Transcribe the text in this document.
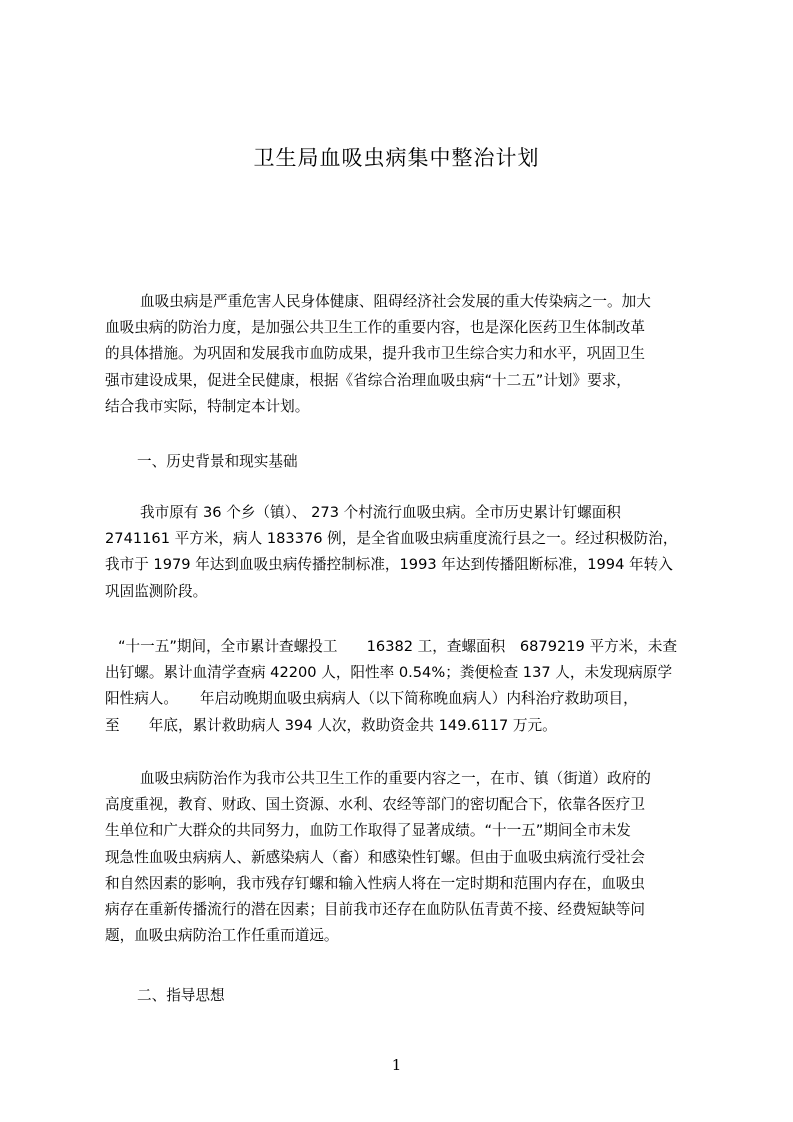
卫生局血吸虫病集中整治计划
血吸虫病是严重危害人民身体健康、阻碍经济社会发展的重大传染病之一。加大
血吸虫病的防治力度，是加强公共卫生工作的重要内容，也是深化医药卫生体制改革
的具体措施。为巩固和发展我市血防成果，提升我市卫生综合实力和水平，巩固卫生
强市建设成果，促进全民健康，根据《省综合治理血吸虫病“十二五”计划》要求，
结合我市实际，特制定本计划。
一、历史背景和现实基础
我市原有 36 个乡（镇）、 273 个村流行血吸虫病。全市历史累计钉螺面积
2741161 平方米，病人 183376 例，是全省血吸虫病重度流行县之一。经过积极防治，
我市于 1979 年达到血吸虫病传播控制标准，1993 年达到传播阻断标准，1994 年转入
巩固监测阶段。
“十一五”期间，全市累计查螺投工　　16382 工，查螺面积　6879219 平方米，未查
出钉螺。累计血清学查病 42200 人，阳性率 0.54%；粪便检查 137 人，未发现病原学
阳性病人。　　年启动晚期血吸虫病病人（以下简称晚血病人）内科治疗救助项目，
至　　年底，累计救助病人 394 人次，救助资金共 149.6117 万元。
血吸虫病防治作为我市公共卫生工作的重要内容之一，在市、镇（街道）政府的
高度重视，教育、财政、国土资源、水利、农经等部门的密切配合下，依靠各医疗卫
生单位和广大群众的共同努力，血防工作取得了显著成绩。“十一五”期间全市未发
现急性血吸虫病病人、新感染病人（畜）和感染性钉螺。但由于血吸虫病流行受社会
和自然因素的影响，我市残存钉螺和输入性病人将在一定时期和范围内存在，血吸虫
病存在重新传播流行的潜在因素；目前我市还存在血防队伍青黄不接、经费短缺等问
题，血吸虫病防治工作任重而道远。
二、指导思想
1
